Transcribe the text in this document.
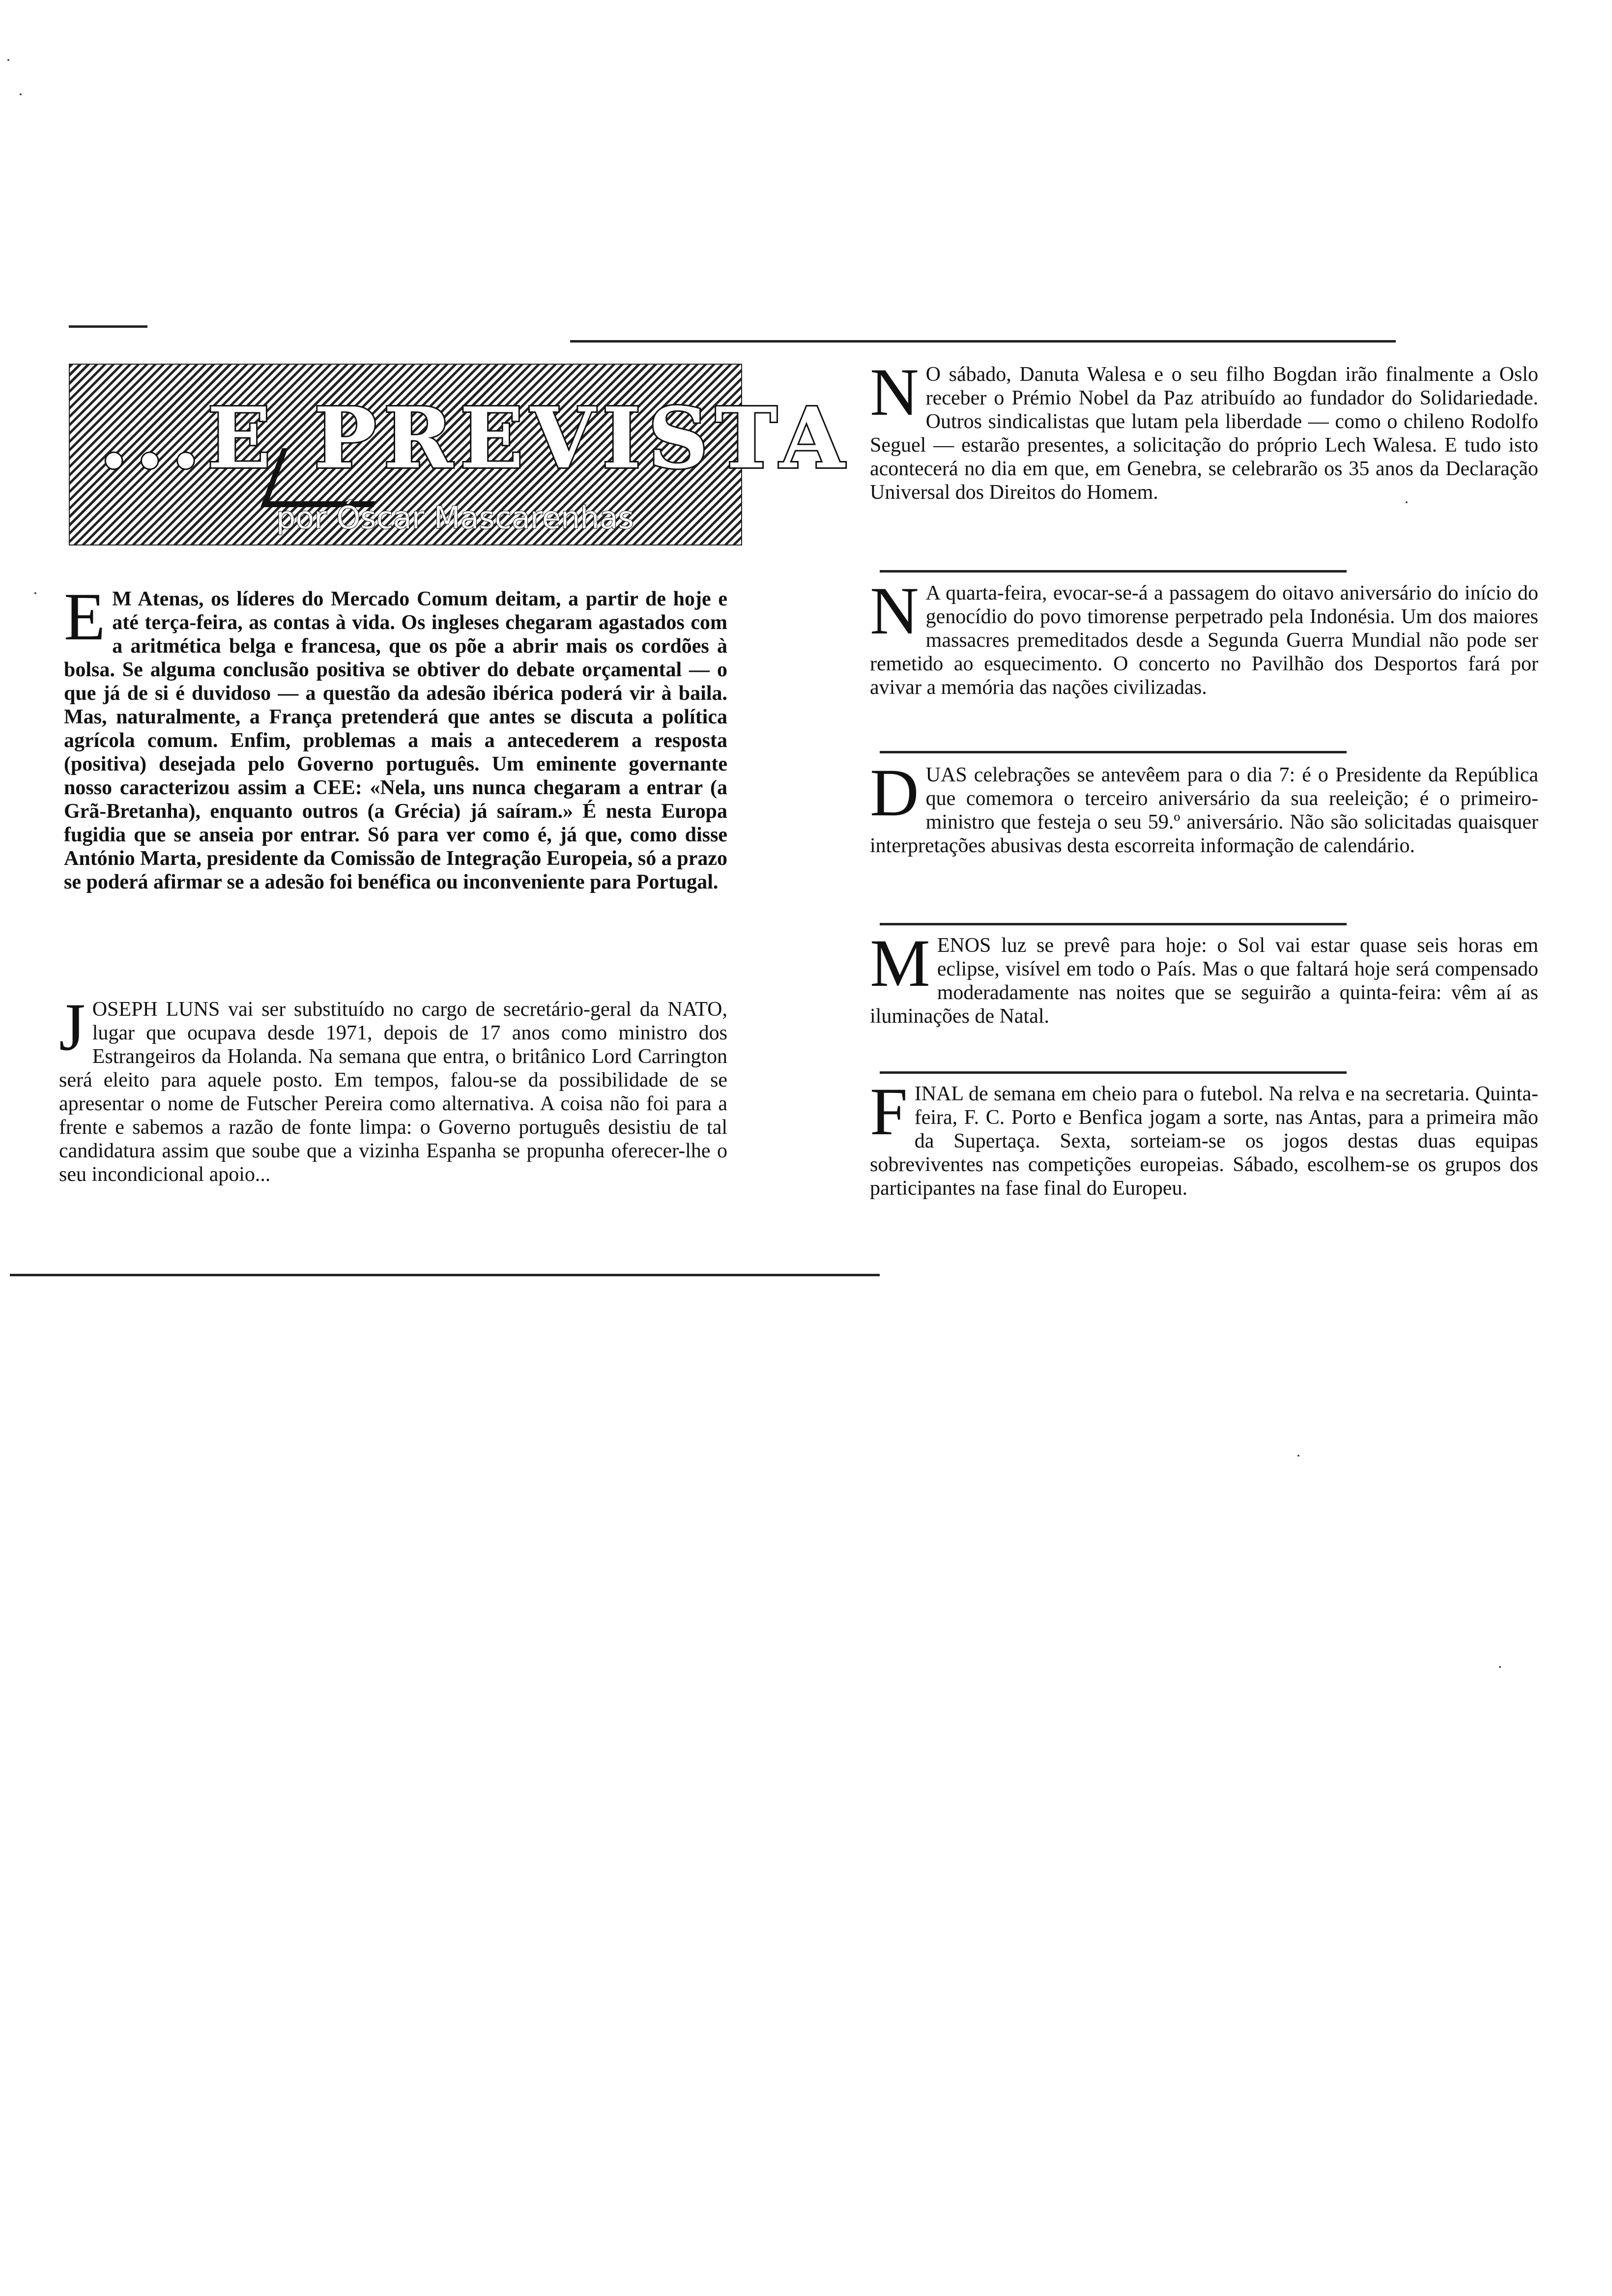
...E PREVISTA
por Óscar Mascarenhas
E M Atenas, os líderes do Mercado Comum deitam, a partir de hoje e até terça-feira, as contas à vida. Os ingleses chegaram agastados com a aritmética belga e francesa, que os põe a abrir mais os cordões à bolsa. Se alguma conclusão positiva se obtiver do debate orçamental — o que já de si é duvidoso — a questão da adesão ibérica poderá vir à baila. Mas, naturalmente, a França pretenderá que antes se discuta a política agrícola comum. Enfim, problemas a mais a antecederem a resposta (positiva) desejada pelo Governo português. Um eminente governante nosso caracterizou assim a CEE: «Nela, uns nunca chegaram a entrar (a Grã-Bretanha), enquanto outros (a Grécia) já saíram.» É nesta Europa fugidia que se anseia por entrar. Só para ver como é, já que, como disse António Marta, presidente da Comissão de Integração Europeia, só a prazo se poderá afirmar se a adesão foi benéfica ou inconveniente para Portugal.
J OSEPH LUNS vai ser substituído no cargo de secretário-geral da NATO, lugar que ocupava desde 1971, depois de 17 anos como ministro dos Estrangeiros da Holanda. Na semana que entra, o britânico Lord Carrington será eleito para aquele posto. Em tempos, falou-se da possibilidade de se apresentar o nome de Futscher Pereira como alternativa. A coisa não foi para a frente e sabemos a razão de fonte limpa: o Governo português desistiu de tal candidatura assim que soube que a vizinha Espanha se propunha oferecer-lhe o seu incondicional apoio...
N O sábado, Danuta Walesa e o seu filho Bogdan irão finalmente a Oslo receber o Prémio Nobel da Paz atribuído ao fundador do Solidariedade. Outros sindicalistas que lutam pela liberdade — como o chileno Rodolfo Seguel — estarão presentes, a solicitação do próprio Lech Walesa. E tudo isto acontecerá no dia em que, em Genebra, se celebrarão os 35 anos da Declaração Universal dos Direitos do Homem.
N A quarta-feira, evocar-se-á a passagem do oitavo aniversário do início do genocídio do povo timorense perpetrado pela Indonésia. Um dos maiores massacres premeditados desde a Segunda Guerra Mundial não pode ser remetido ao esquecimento. O concerto no Pavilhão dos Desportos fará por avivar a memória das nações civilizadas.
D UAS celebrações se antevêem para o dia 7: é o Presidente da República que comemora o terceiro aniversário da sua reeleição; é o primeiro-ministro que festeja o seu 59.º aniversário. Não são solicitadas quaisquer interpretações abusivas desta escorreita informação de calendário.
M ENOS luz se prevê para hoje: o Sol vai estar quase seis horas em eclipse, visível em todo o País. Mas o que faltará hoje será compensado moderadamente nas noites que se seguirão a quinta-feira: vêm aí as iluminações de Natal.
F INAL de semana em cheio para o futebol. Na relva e na secretaria. Quinta-feira, F. C. Porto e Benfica jogam a sorte, nas Antas, para a primeira mão da Supertaça. Sexta, sorteiam-se os jogos destas duas equipas sobreviventes nas competições europeias. Sábado, escolhem-se os grupos dos participantes na fase final do Europeu.
